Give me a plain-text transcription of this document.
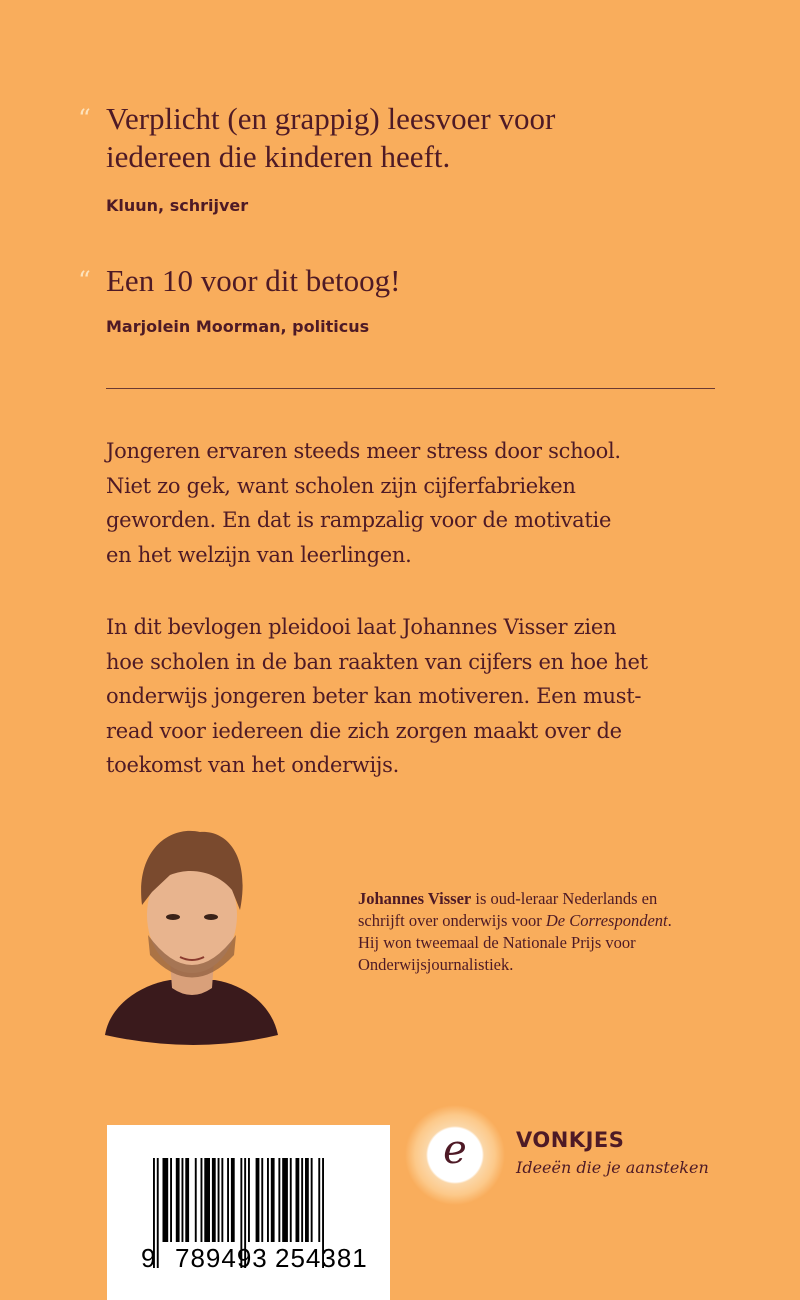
“ Verplicht (en grappig) leesvoer voor
iedereen die kinderen heeft.
Kluun, schrijver
“ Een 10 voor dit betoog!
Marjolein Moorman, politicus
Jongeren ervaren steeds meer stress door school.
Niet zo gek, want scholen zijn cijferfabrieken
geworden. En dat is rampzalig voor de motivatie
en het welzijn van leerlingen.
In dit bevlogen pleidooi laat Johannes Visser zien
hoe scholen in de ban raakten van cijfers en hoe het
onderwijs jongeren beter kan motiveren. Een must-
read voor iedereen die zich zorgen maakt over de
toekomst van het onderwijs.
Johannes Visser is oud-leraar Nederlands en schrijft over onderwijs voor De Correspondent. Hij won tweemaal de Nationale Prijs voor Onderwijsjournalistiek.
9 789493 254381
e	VONKJES
Ideeën die je aansteken
